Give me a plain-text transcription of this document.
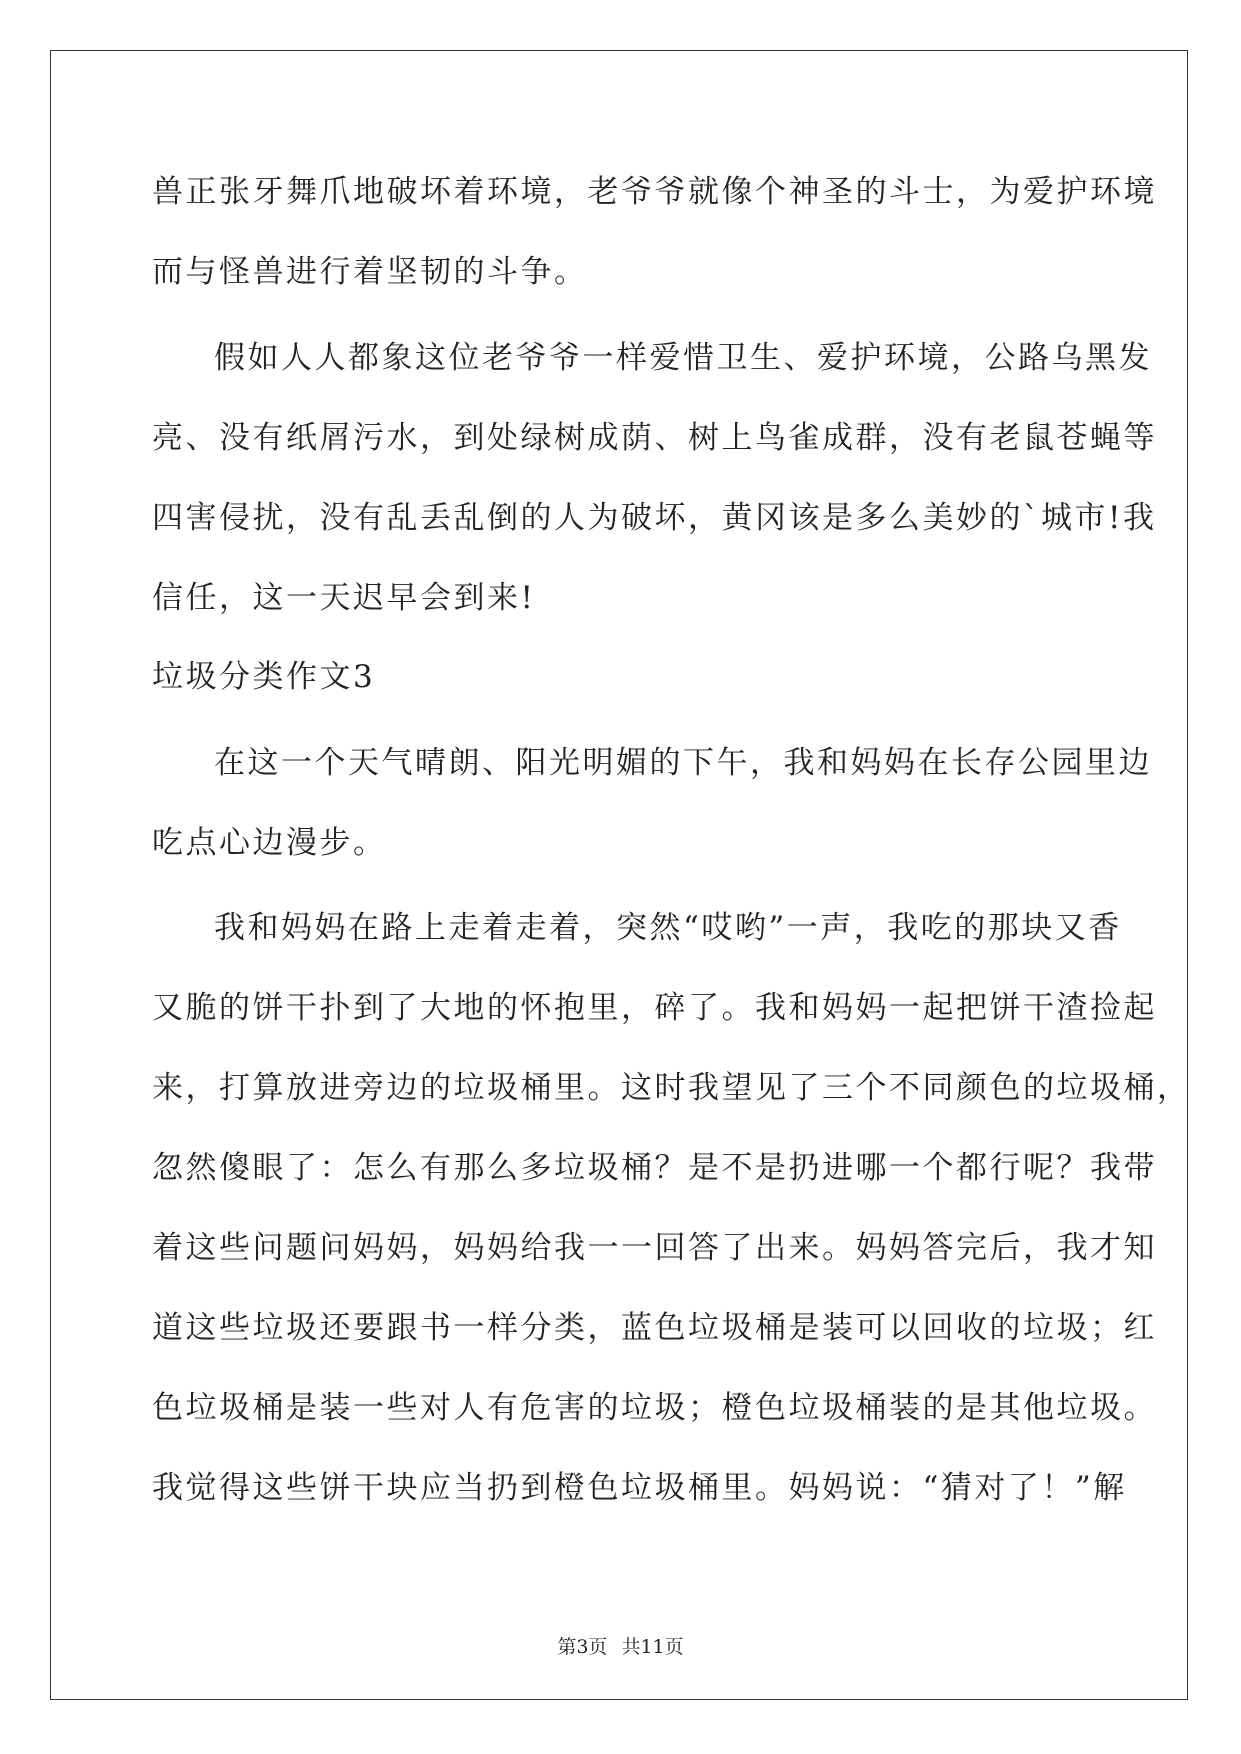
兽正张牙舞爪地破坏着环境，老爷爷就像个神圣的斗士，为爱护环境
而与怪兽进行着坚韧的斗争。
假如人人都象这位老爷爷一样爱惜卫生、爱护环境，公路乌黑发
亮、没有纸屑污水，到处绿树成荫、树上鸟雀成群，没有老鼠苍蝇等
四害侵扰，没有乱丢乱倒的人为破坏，黄冈该是多么美妙的`城市!我
信任，这一天迟早会到来!
垃圾分类作文3
在这一个天气晴朗、阳光明媚的下午，我和妈妈在长存公园里边
吃点心边漫步。
我和妈妈在路上走着走着，突然“哎哟”一声，我吃的那块又香
又脆的饼干扑到了大地的怀抱里，碎了。我和妈妈一起把饼干渣捡起
来，打算放进旁边的垃圾桶里。这时我望见了三个不同颜色的垃圾桶，
忽然傻眼了：怎么有那么多垃圾桶？是不是扔进哪一个都行呢？我带
着这些问题问妈妈，妈妈给我一一回答了出来。妈妈答完后，我才知
道这些垃圾还要跟书一样分类，蓝色垃圾桶是装可以回收的垃圾；红
色垃圾桶是装一些对人有危害的垃圾；橙色垃圾桶装的是其他垃圾。
我觉得这些饼干块应当扔到橙色垃圾桶里。妈妈说：“猜对了！”解
第3页 共11页
